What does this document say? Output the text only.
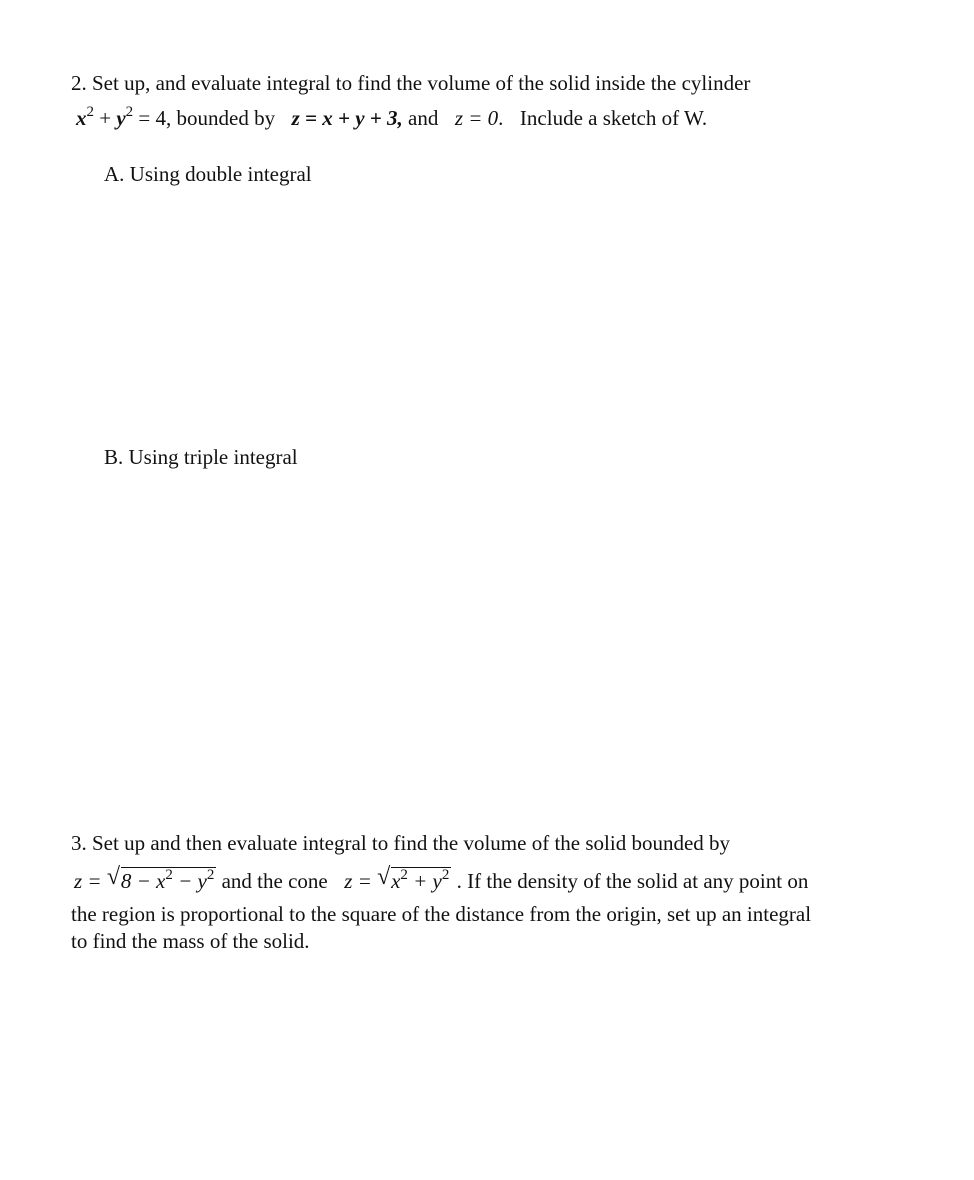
2. Set up, and evaluate integral to find the volume of the solid inside the cylinder
$x^2 + y^2 = 4$, bounded by z = x + y + 3, and z = 0. Include a sketch of W.
A. Using double integral
B. Using triple integral
3. Set up and then evaluate integral to find the volume of the solid bounded by
z = √ $8 - x^2 - y^2$ and the cone z = √ $x^2 + y^2$ . If the density of the solid at any point on
the region is proportional to the square of the distance from the origin, set up an integral
to find the mass of the solid.
